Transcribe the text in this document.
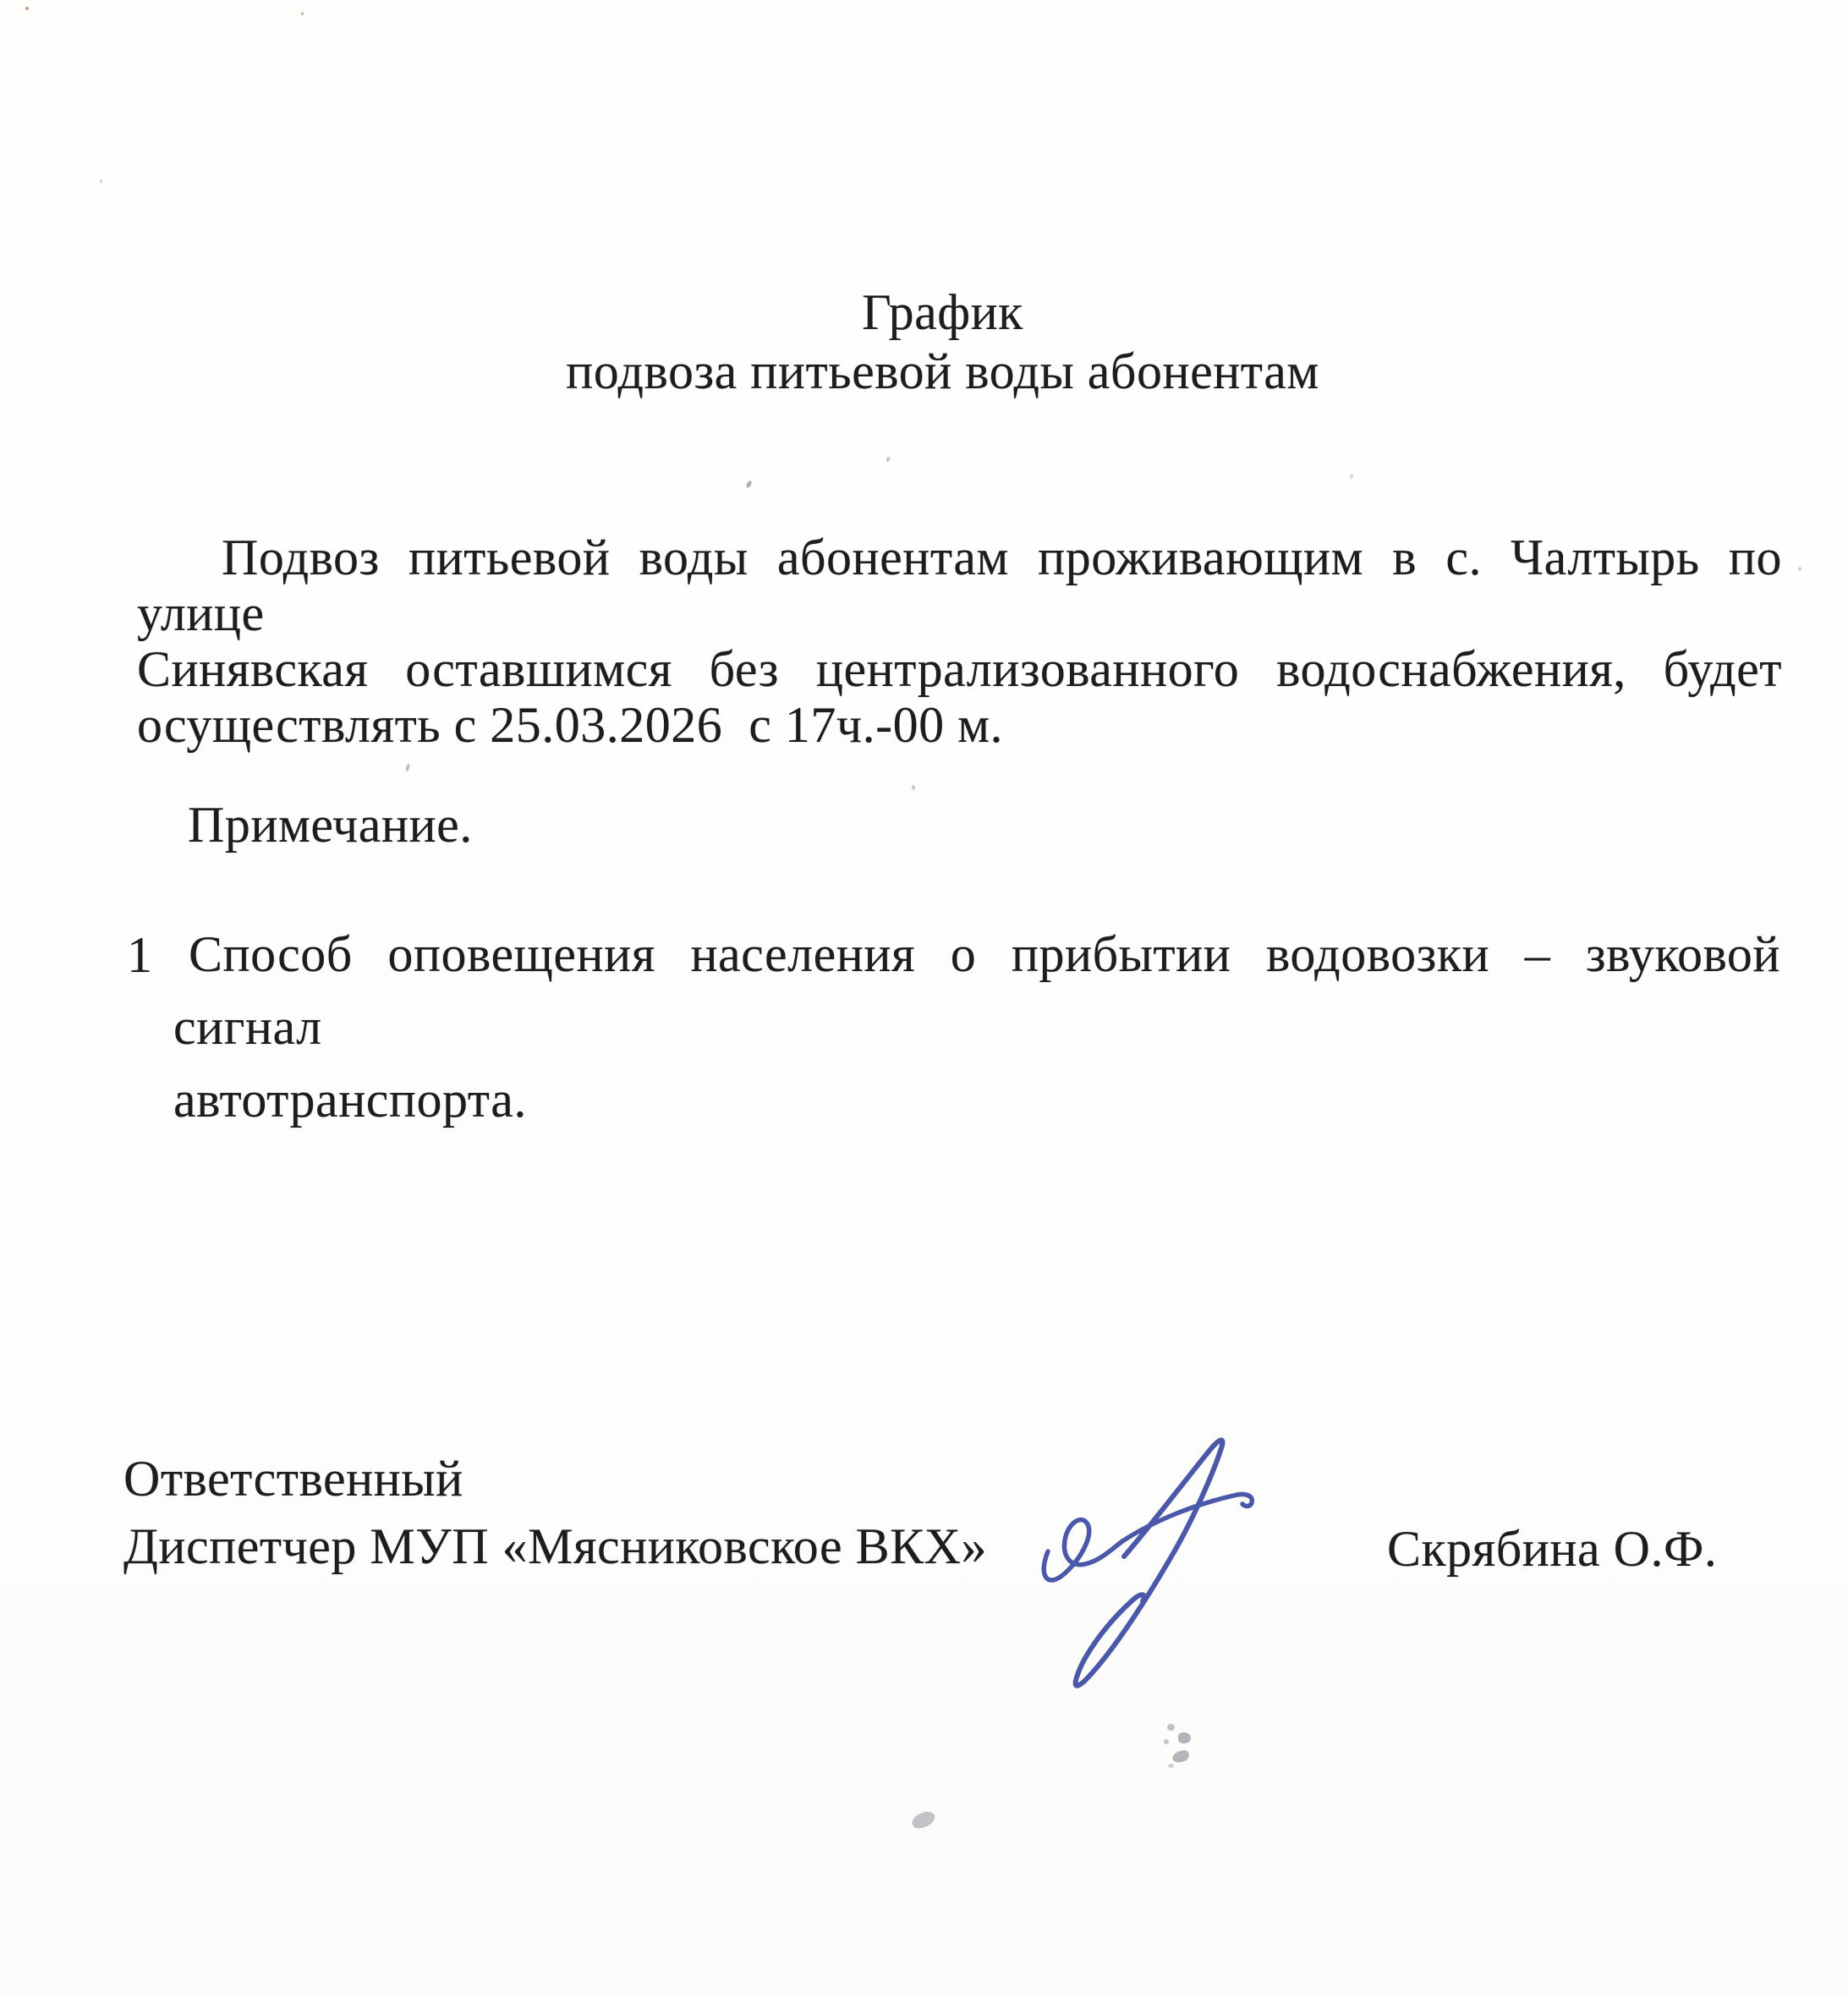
График
подвоза питьевой воды абонентам
Подвоз питьевой воды абонентам проживающим в с. Чалтырь по улице
Синявская оставшимся без централизованного водоснабжения, будет
осуществлять с 25.03.2026  с 17ч.-00 м.
Примечание.
1 Способ оповещения населения о прибытии водовозки – звуковой сигнал
автотранспорта.
Ответственный
Диспетчер МУП «Мясниковское ВКХ»	Скрябина О.Ф.
